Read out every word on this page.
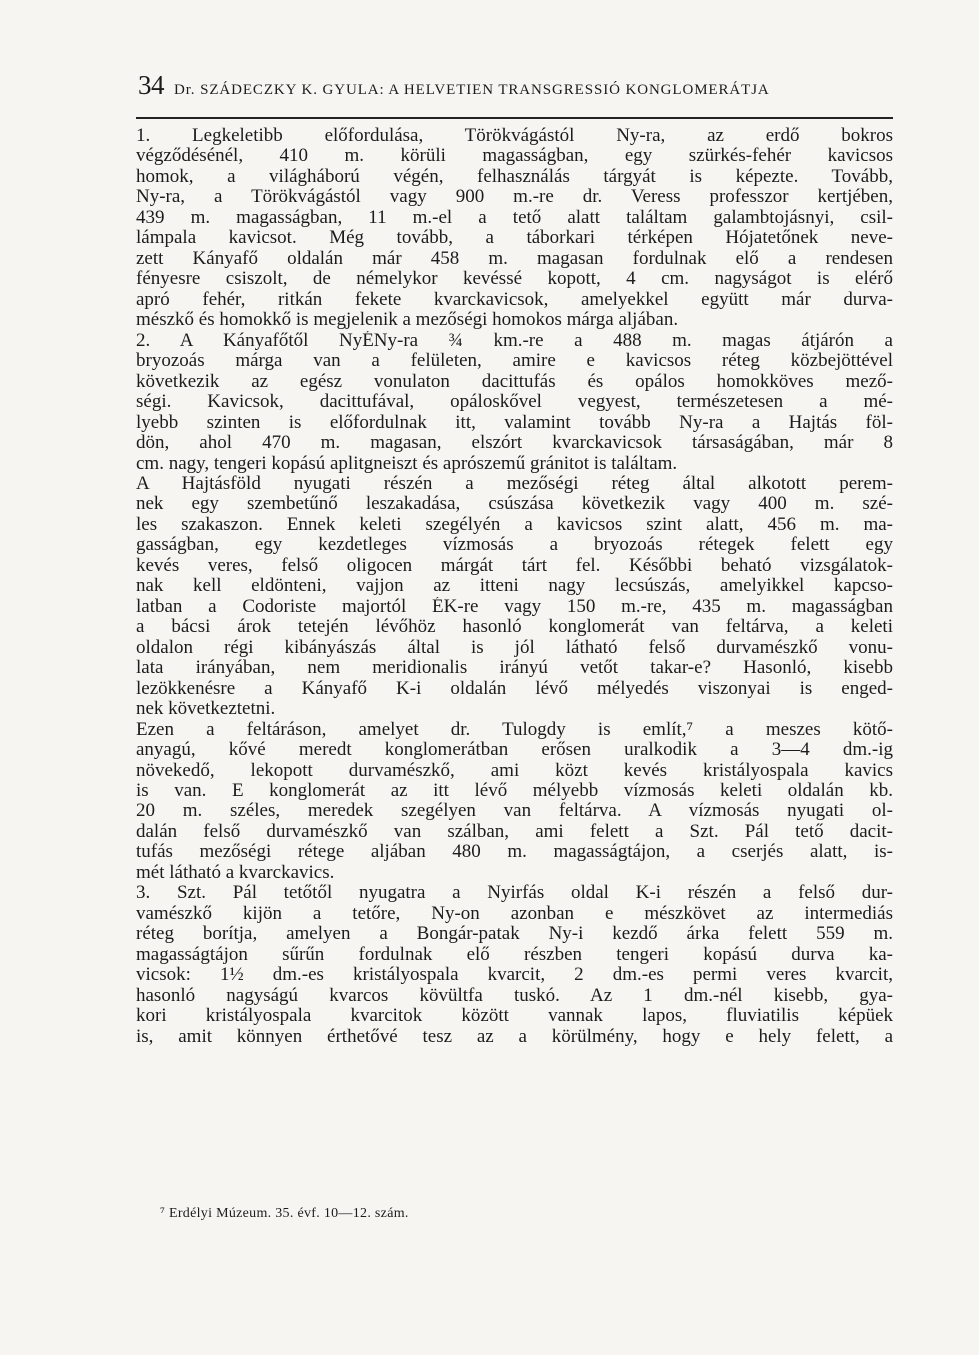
34 Dr. SZÁDECZKY K. GYULA: A HELVETIEN TRANSGRESSIÓ KONGLOMERÁTJA
1. Legkeletibb előfordulása, Törökvágástól Ny-ra, az erdő bokros
végződésénél, 410 m. körüli magasságban, egy szürkés-fehér kavicsos
homok, a világháború végén, felhasználás tárgyát is képezte. Tovább,
Ny-ra, a Törökvágástól vagy 900 m.-re dr. Veress professzor kertjében,
439 m. magasságban, 11 m.-el a tető alatt találtam galambtojásnyi, csil-
lámpala kavicsot. Még tovább, a táborkari térképen Hójatetőnek neve-
zett Kányafő oldalán már 458 m. magasan fordulnak elő a rendesen
fényesre csiszolt, de némelykor kevéssé kopott, 4 cm. nagyságot is elérő
apró fehér, ritkán fekete kvarckavicsok, amelyekkel együtt már durva-
mészkő és homokkő is megjelenik a mezőségi homokos márga aljában.
2. A Kányafőtől NyÉNy-ra ¾ km.-re a 488 m. magas átjárón a
bryozoás márga van a felületen, amire e kavicsos réteg közbejöttével
következik az egész vonulaton dacittufás és opálos homokköves mező-
ségi. Kavicsok, dacittufával, opáloskővel vegyest, természetesen a mé-
lyebb szinten is előfordulnak itt, valamint tovább Ny-ra a Hajtás föl-
dön, ahol 470 m. magasan, elszórt kvarckavicsok társaságában, már 8
cm. nagy, tengeri kopású aplitgneiszt és aprószemű gránitot is találtam.
A Hajtásföld nyugati részén a mezőségi réteg által alkotott perem-
nek egy szembetűnő leszakadása, csúszása következik vagy 400 m. szé-
les szakaszon. Ennek keleti szegélyén a kavicsos szint alatt, 456 m. ma-
gasságban, egy kezdetleges vízmosás a bryozoás rétegek felett egy
kevés veres, felső oligocen márgát tárt fel. Későbbi beható vizsgálatok-
nak kell eldönteni, vajjon az itteni nagy lecsúszás, amelyikkel kapcso-
latban a Codoriste majortól ÉK-re vagy 150 m.-re, 435 m. magasságban
a bácsi árok tetején lévőhöz hasonló konglomerát van feltárva, a keleti
oldalon régi kibányászás által is jól látható felső durvamészkő vonu-
lata irányában, nem meridionalis irányú vetőt takar-e? Hasonló, kisebb
lezökkenésre a Kányafő K-i oldalán lévő mélyedés viszonyai is enged-
nek következtetni.
Ezen a feltáráson, amelyet dr. Tulogdy is említ,⁷ a meszes kötő-
anyagú, kővé meredt konglomerátban erősen uralkodik a 3—4 dm.-ig
növekedő, lekopott durvamészkő, ami közt kevés kristályospala kavics
is van. E konglomerát az itt lévő mélyebb vízmosás keleti oldalán kb.
20 m. széles, meredek szegélyen van feltárva. A vízmosás nyugati ol-
dalán felső durvamészkő van szálban, ami felett a Szt. Pál tető dacit-
tufás mezőségi rétege aljában 480 m. magasságtájon, a cserjés alatt, is-
mét látható a kvarckavics.
3. Szt. Pál tetőtől nyugatra a Nyirfás oldal K-i részén a felső dur-
vamészkő kijön a tetőre, Ny-on azonban e mészkövet az intermediás
réteg borítja, amelyen a Bongár-patak Ny-i kezdő árka felett 559 m.
magasságtájon sűrűn fordulnak elő részben tengeri kopású durva ka-
vicsok: 1½ dm.-es kristályospala kvarcit, 2 dm.-es permi veres kvarcit,
hasonló nagyságú kvarcos kövültfa tuskó. Az 1 dm.-nél kisebb, gya-
kori kristályospala kvarcitok között vannak lapos, fluviatilis képüek
is, amit könnyen érthetővé tesz az a körülmény, hogy e hely felett, a
⁷ Erdélyi Múzeum. 35. évf. 10—12. szám.
